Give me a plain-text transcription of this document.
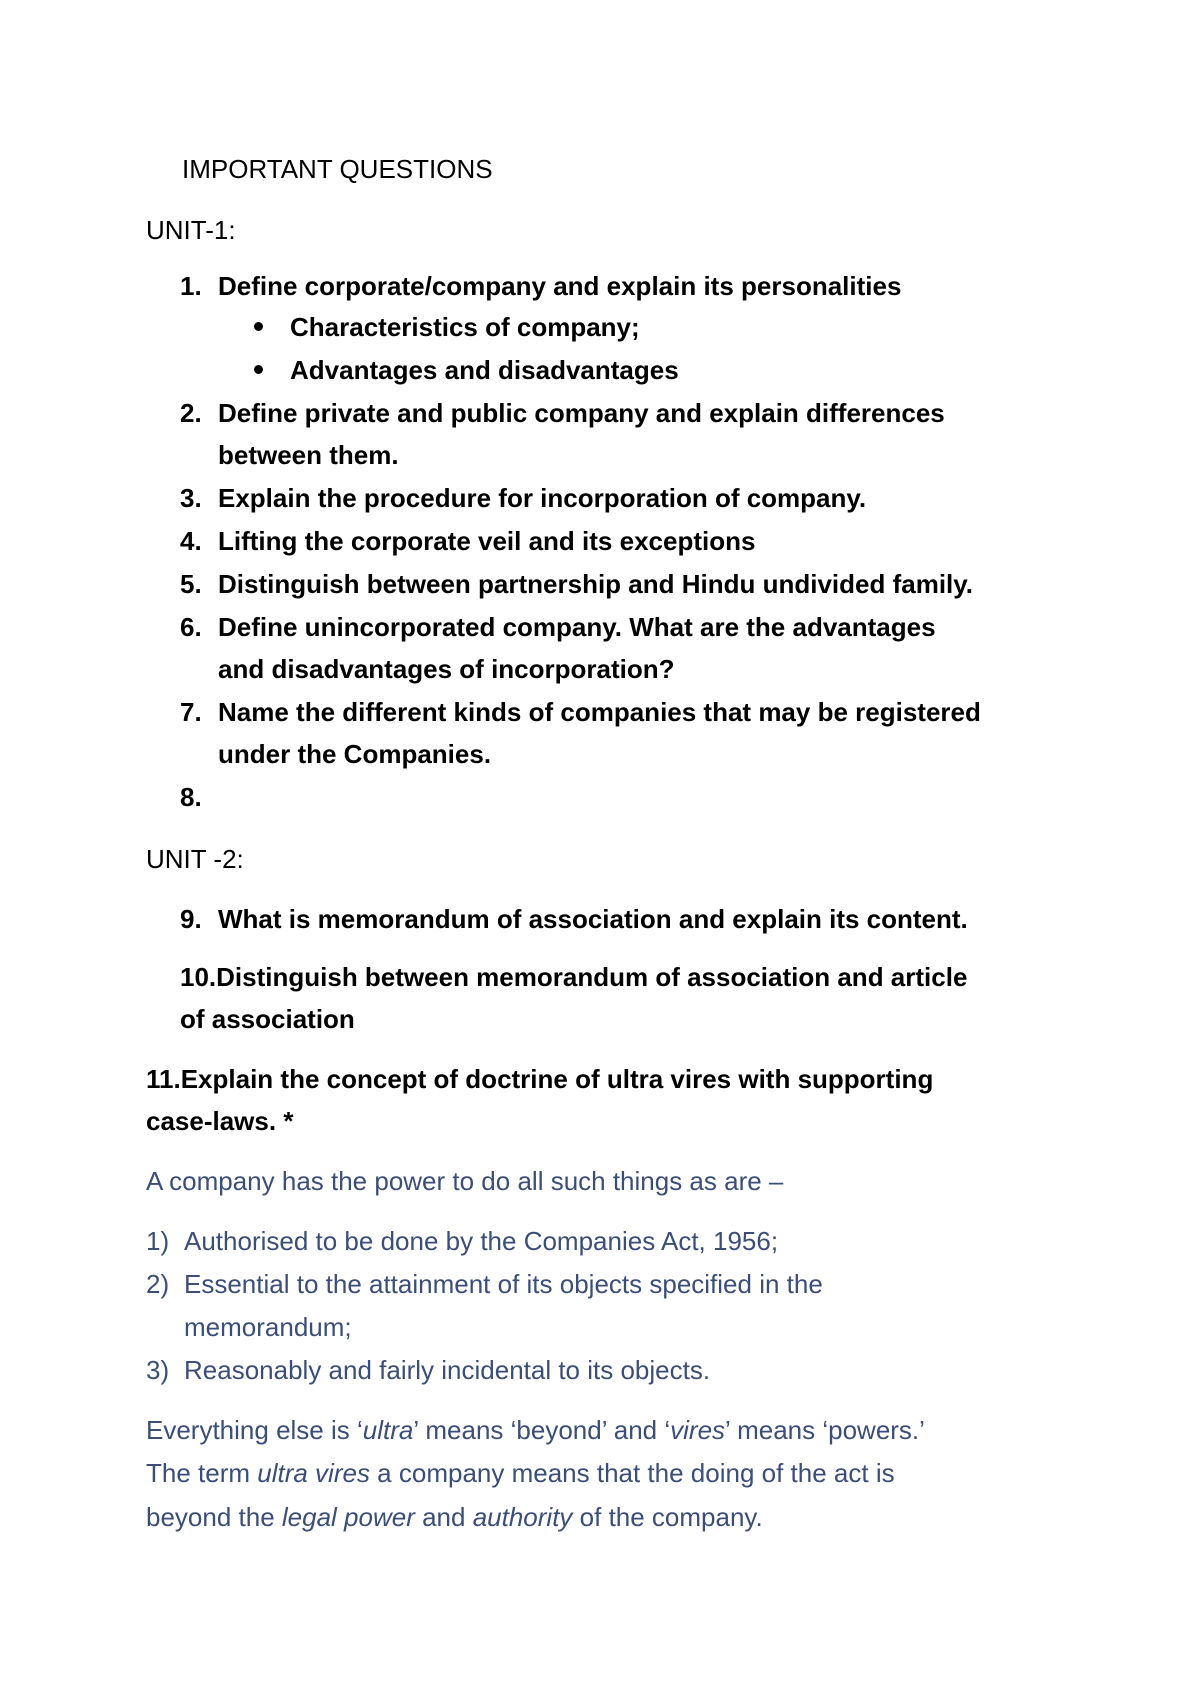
IMPORTANT QUESTIONS
UNIT-1:
1. Define corporate/company and explain its personalities
Characteristics of company;
Advantages and disadvantages
2. Define private and public company and explain differences
between them.
3. Explain the procedure for incorporation of company.
4. Lifting the corporate veil and its exceptions
5. Distinguish between partnership and Hindu undivided family.
6. Define unincorporated company. What are the advantages
and disadvantages of incorporation?
7. Name the different kinds of companies that may be registered
under the Companies.
8.
UNIT -2:
9. What is memorandum of association and explain its content.
10.Distinguish between memorandum of association and article
of association
11.Explain the concept of doctrine of ultra vires with supporting
case-laws. *
A company has the power to do all such things as are –
1) Authorised to be done by the Companies Act, 1956;
2) Essential to the attainment of its objects specified in the
memorandum;
3) Reasonably and fairly incidental to its objects.
Everything else is ‘ultra’ means ‘beyond’ and ‘vires’ means ‘powers.’
The term ultra vires a company means that the doing of the act is
beyond the legal power and authority of the company.
